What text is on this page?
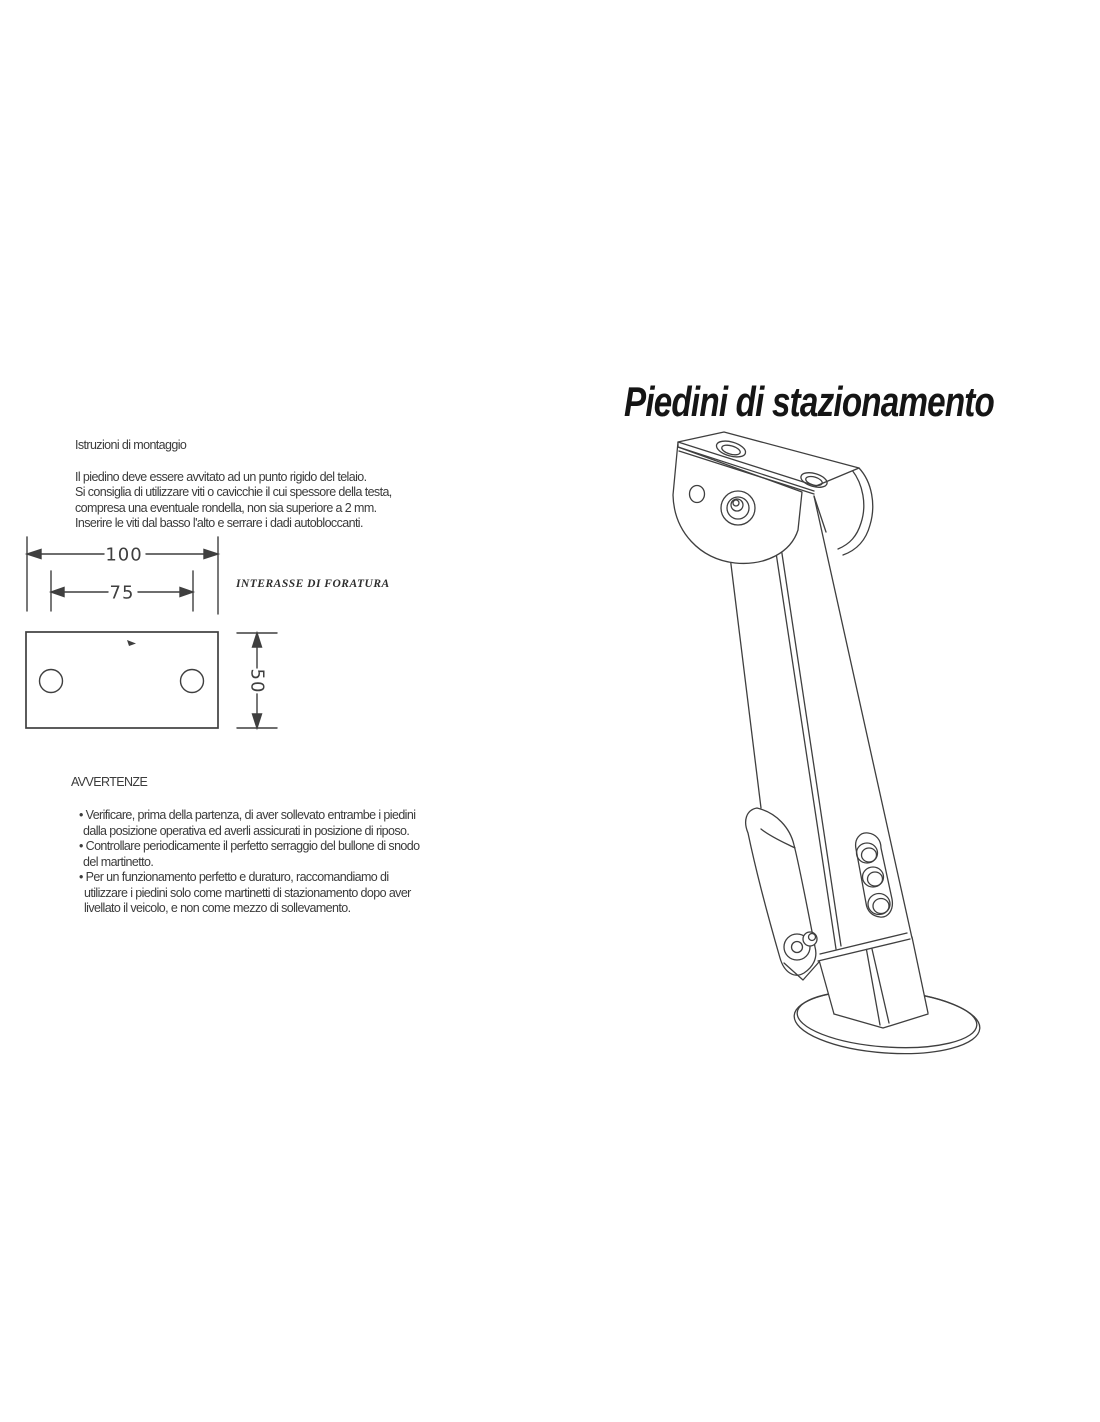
Piedini di stazionamento
Istruzioni di montaggio
Il piedino deve essere avvitato ad un punto rigido del telaio.
Si consiglia di utilizzare viti o cavicchie il cui spessore della testa,
compresa una eventuale rondella, non sia superiore a 2 mm.
Inserire le viti dal basso l'alto e serrare i dadi autobloccanti.
100
75
50
INTERASSE DI FORATURA
AVVERTENZE
• Verificare, prima della partenza, di aver sollevato entrambe i piedini
dalla posizione operativa ed averli assicurati in posizione di riposo.
• Controllare periodicamente il perfetto serraggio del bullone di snodo
del martinetto.
• Per un funzionamento perfetto e duraturo, raccomandiamo di
utilizzare i piedini solo come martinetti di stazionamento dopo aver
livellato il veicolo, e non come mezzo di sollevamento.
